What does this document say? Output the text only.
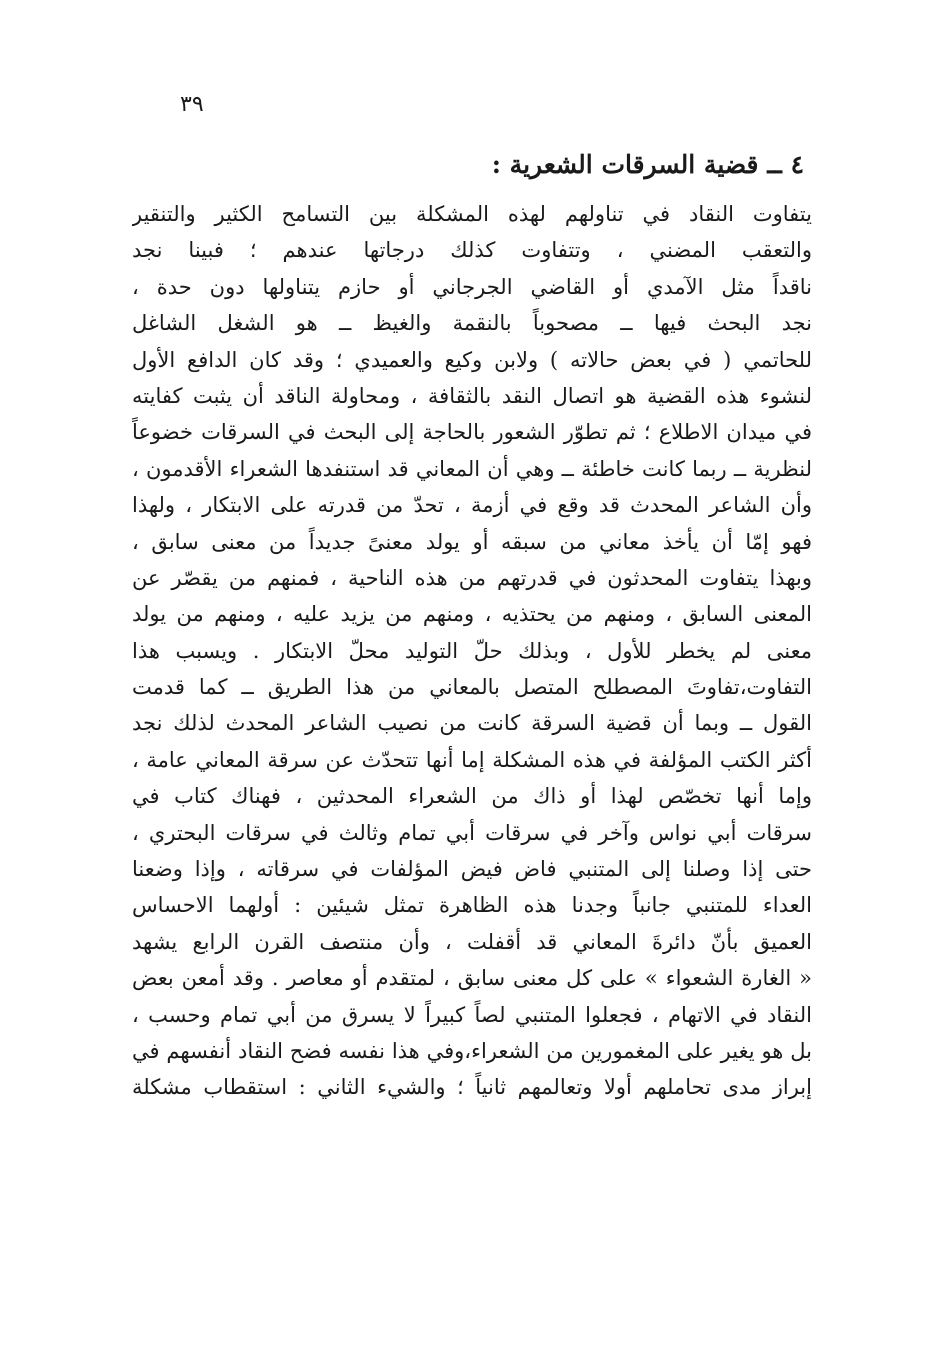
٣٩
٤ ــ قضية السرقات الشعرية :
يتفاوت النقاد في تناولهم لهذه المشكلة بين التسامح الكثير والتنقير
والتعقب المضني ، وتتفاوت كذلك درجاتها عندهم ؛ فبينا نجد
ناقداً مثل الآمدي أو القاضي الجرجاني أو حازم يتناولها دون حدة ،
نجد البحث فيها ــ مصحوباً بالنقمة والغيظ ــ هو الشغل الشاغل
للحاتمي ( في بعض حالاته ) ولابن وكيع والعميدي ؛ وقد كان الدافع الأول
لنشوء هذه القضية هو اتصال النقد بالثقافة ، ومحاولة الناقد أن يثبت كفايته
في ميدان الاطلاع ؛ ثم تطوّر الشعور بالحاجة إلى البحث في السرقات خضوعاً
لنظرية ــ ربما كانت خاطئة ــ وهي أن المعاني قد استنفدها الشعراء الأقدمون ،
وأن الشاعر المحدث قد وقع في أزمة ، تحدّ من قدرته على الابتكار ، ولهذا
فهو إمّا أن يأخذ معاني من سبقه أو يولد معنىً جديداً من معنى سابق ،
وبهذا يتفاوت المحدثون في قدرتهم من هذه الناحية ، فمنهم من يقصّر عن
المعنى السابق ، ومنهم من يحتذيه ، ومنهم من يزيد عليه ، ومنهم من يولد
معنى لم يخطر للأول ، وبذلك حلّ التوليد محلّ الابتكار . ويسبب هذا
التفاوت،تفاوتَ المصطلح المتصل بالمعاني من هذا الطريق ــ كما قدمت
القول ــ وبما أن قضية السرقة كانت من نصيب الشاعر المحدث لذلك نجد
أكثر الكتب المؤلفة في هذه المشكلة إما أنها تتحدّث عن سرقة المعاني عامة ،
وإما أنها تخصّص لهذا أو ذاك من الشعراء المحدثين ، فهناك كتاب في
سرقات أبي نواس وآخر في سرقات أبي تمام وثالث في سرقات البحتري ،
حتى إذا وصلنا إلى المتنبي فاض فيض المؤلفات في سرقاته ، وإذا وضعنا
العداء للمتنبي جانباً وجدنا هذه الظاهرة تمثل شيئين : أولهما الاحساس
العميق بأنّ دائرةَ المعاني قد أقفلت ، وأن منتصف القرن الرابع يشهد
« الغارة الشعواء » على كل معنى سابق ، لمتقدم أو معاصر . وقد أمعن بعض
النقاد في الاتهام ، فجعلوا المتنبي لصاً كبيراً لا يسرق من أبي تمام وحسب ،
بل هو يغير على المغمورين من الشعراء،وفي هذا نفسه فضح النقاد أنفسهم في
إبراز مدى تحاملهم أولا وتعالمهم ثانياً ؛ والشيء الثاني : استقطاب مشكلة
